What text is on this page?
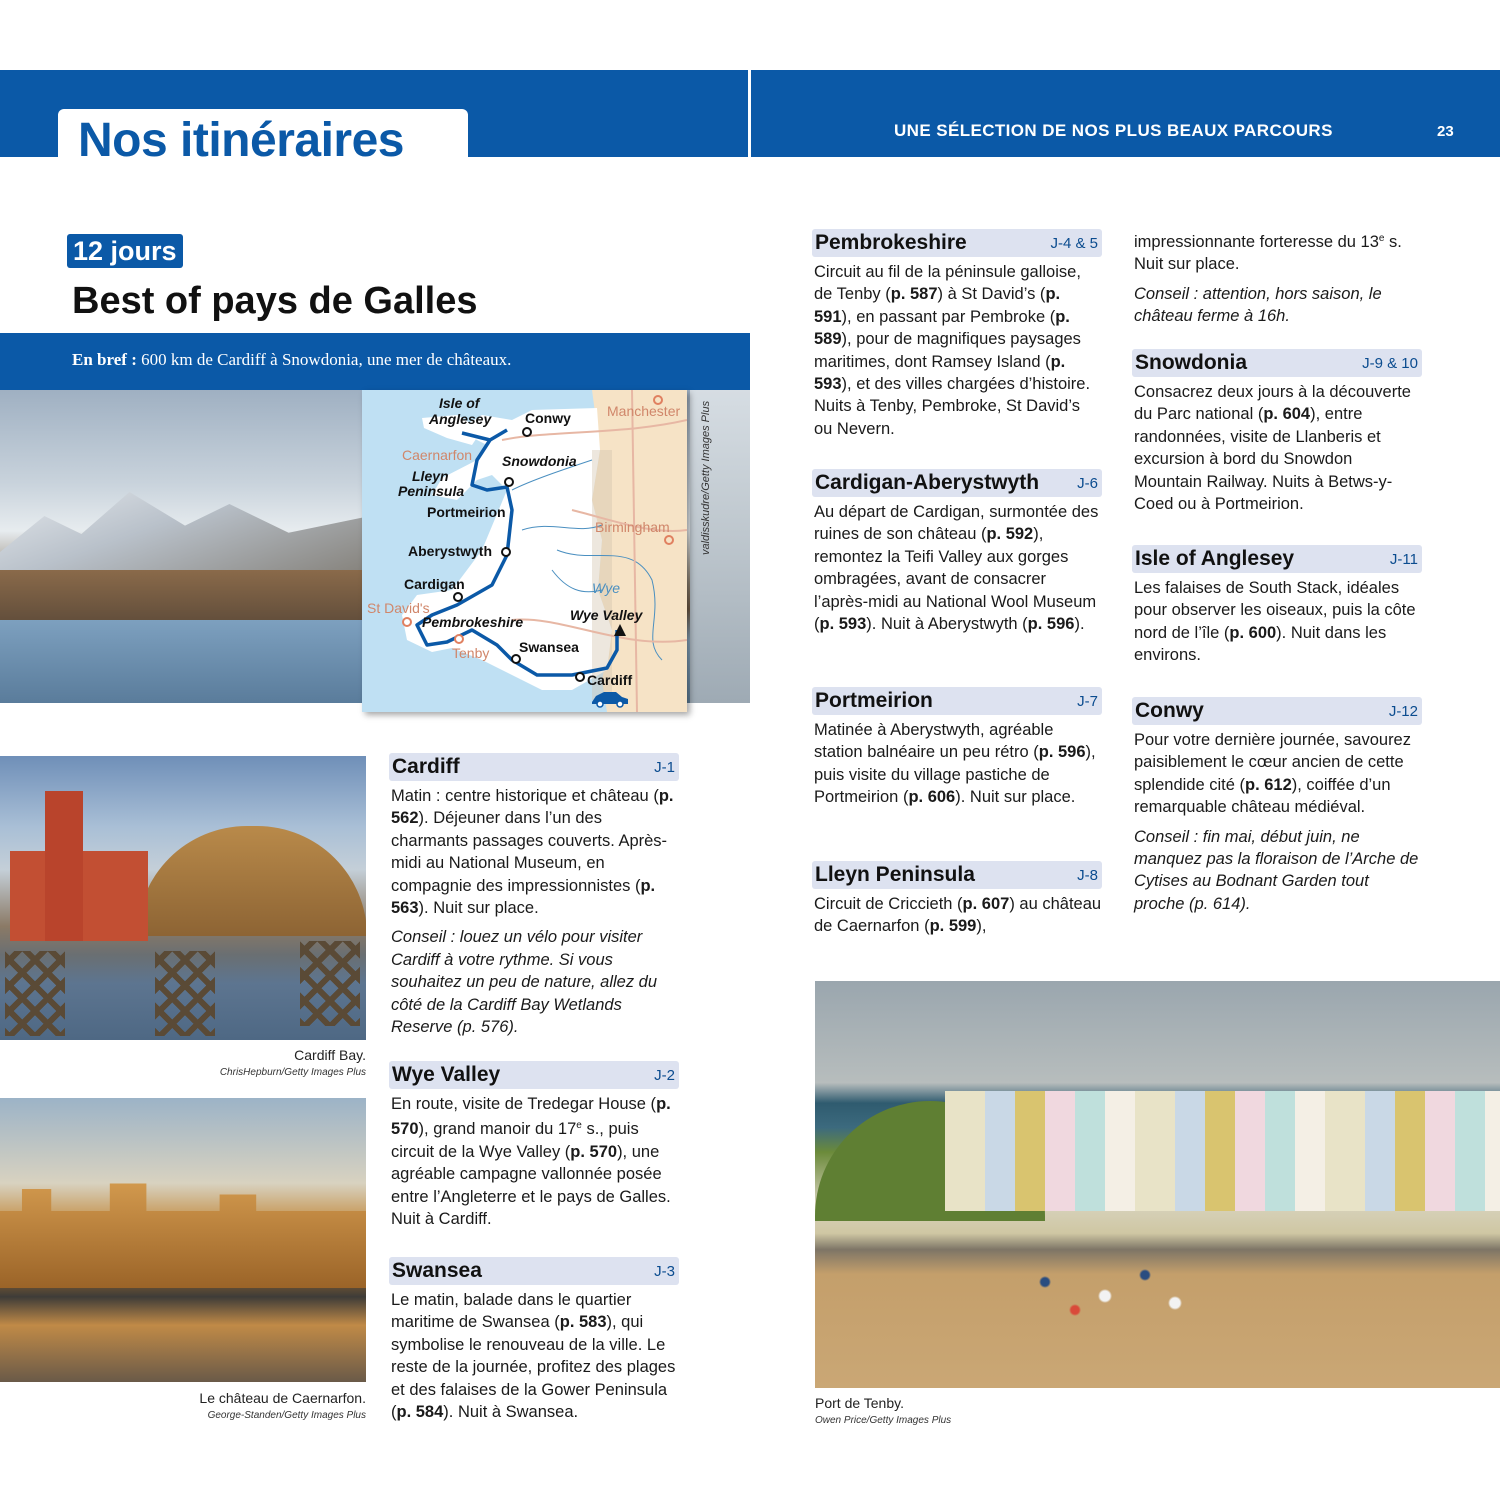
Nos itinéraires	UNE SÉLECTION DE NOS PLUS BEAUX PARCOURS	23
12 jours
Best of pays de Galles
En bref : 600 km de Cardiff à Snowdonia, une mer de châteaux.
Isle of
Anglesey Conwy
Snowdonia
Lleyn
Peninsula
Portmeirion
Aberystwyth
Cardigan
Pembrokeshire
Swansea
Wye Valley
Cardiff
Caernarfon
St David's
Tenby
Manchester
Birmingham
Wye
valdisskudre/Getty Images Plus
Cardiff Bay.
ChrisHepburn/Getty Images Plus
Le château de Caernarfon.
George-Standen/Getty Images Plus
Port de Tenby.
Owen Price/Getty Images Plus
Cardiff	J-1
Matin : centre historique et château (p. 562). Déjeuner dans l’un des charmants passages couverts. Après-midi au National Museum, en compagnie des impressionnistes (p. 563). Nuit sur place.
Conseil : louez un vélo pour visiter Cardiff à votre rythme. Si vous souhaitez un peu de nature, allez du côté de la Cardiff Bay Wetlands Reserve (p. 576).
Wye Valley	J-2
En route, visite de Tredegar House (p. 570), grand manoir du 17e s., puis circuit de la Wye Valley (p. 570), une agréable campagne vallonnée posée entre l’Angleterre et le pays de Galles. Nuit à Cardiff.
Swansea	J-3
Le matin, balade dans le quartier maritime de Swansea (p. 583), qui symbolise le renouveau de la ville. Le reste de la journée, profitez des plages et des falaises de la Gower Peninsula (p. 584). Nuit à Swansea.
Pembrokeshire	J-4 & 5
Circuit au fil de la péninsule galloise, de Tenby (p. 587) à St David’s (p. 591), en passant par Pembroke (p. 589), pour de magnifiques paysages maritimes, dont Ramsey Island (p. 593), et des villes chargées d’histoire. Nuits à Tenby, Pembroke, St David’s ou Nevern.
Cardigan-Aberystwyth	J-6
Au départ de Cardigan, surmontée des ruines de son château (p. 592), remontez la Teifi Valley aux gorges ombragées, avant de consacrer l’après-midi au National Wool Museum (p. 593). Nuit à Aberystwyth (p. 596).
Portmeirion	J-7
Matinée à Aberystwyth, agréable station balnéaire un peu rétro (p. 596), puis visite du village pastiche de Portmeirion (p. 606). Nuit sur place.
Lleyn Peninsula	J-8
Circuit de Criccieth (p. 607) au château de Caernarfon (p. 599),
impressionnante forteresse du 13e s. Nuit sur place.
Conseil : attention, hors saison, le château ferme à 16h.
Snowdonia	J-9 & 10
Consacrez deux jours à la découverte du Parc national (p. 604), entre randonnées, visite de Llanberis et excursion à bord du Snowdon Mountain Railway. Nuits à Betws-y-Coed ou à Portmeirion.
Isle of Anglesey	J-11
Les falaises de South Stack, idéales pour observer les oiseaux, puis la côte nord de l’île (p. 600). Nuit dans les environs.
Conwy	J-12
Pour votre dernière journée, savourez paisiblement le cœur ancien de cette splendide cité (p. 612), coiffée d’un remarquable château médiéval.
Conseil : fin mai, début juin, ne manquez pas la floraison de l’Arche de Cytises au Bodnant Garden tout proche (p. 614).
